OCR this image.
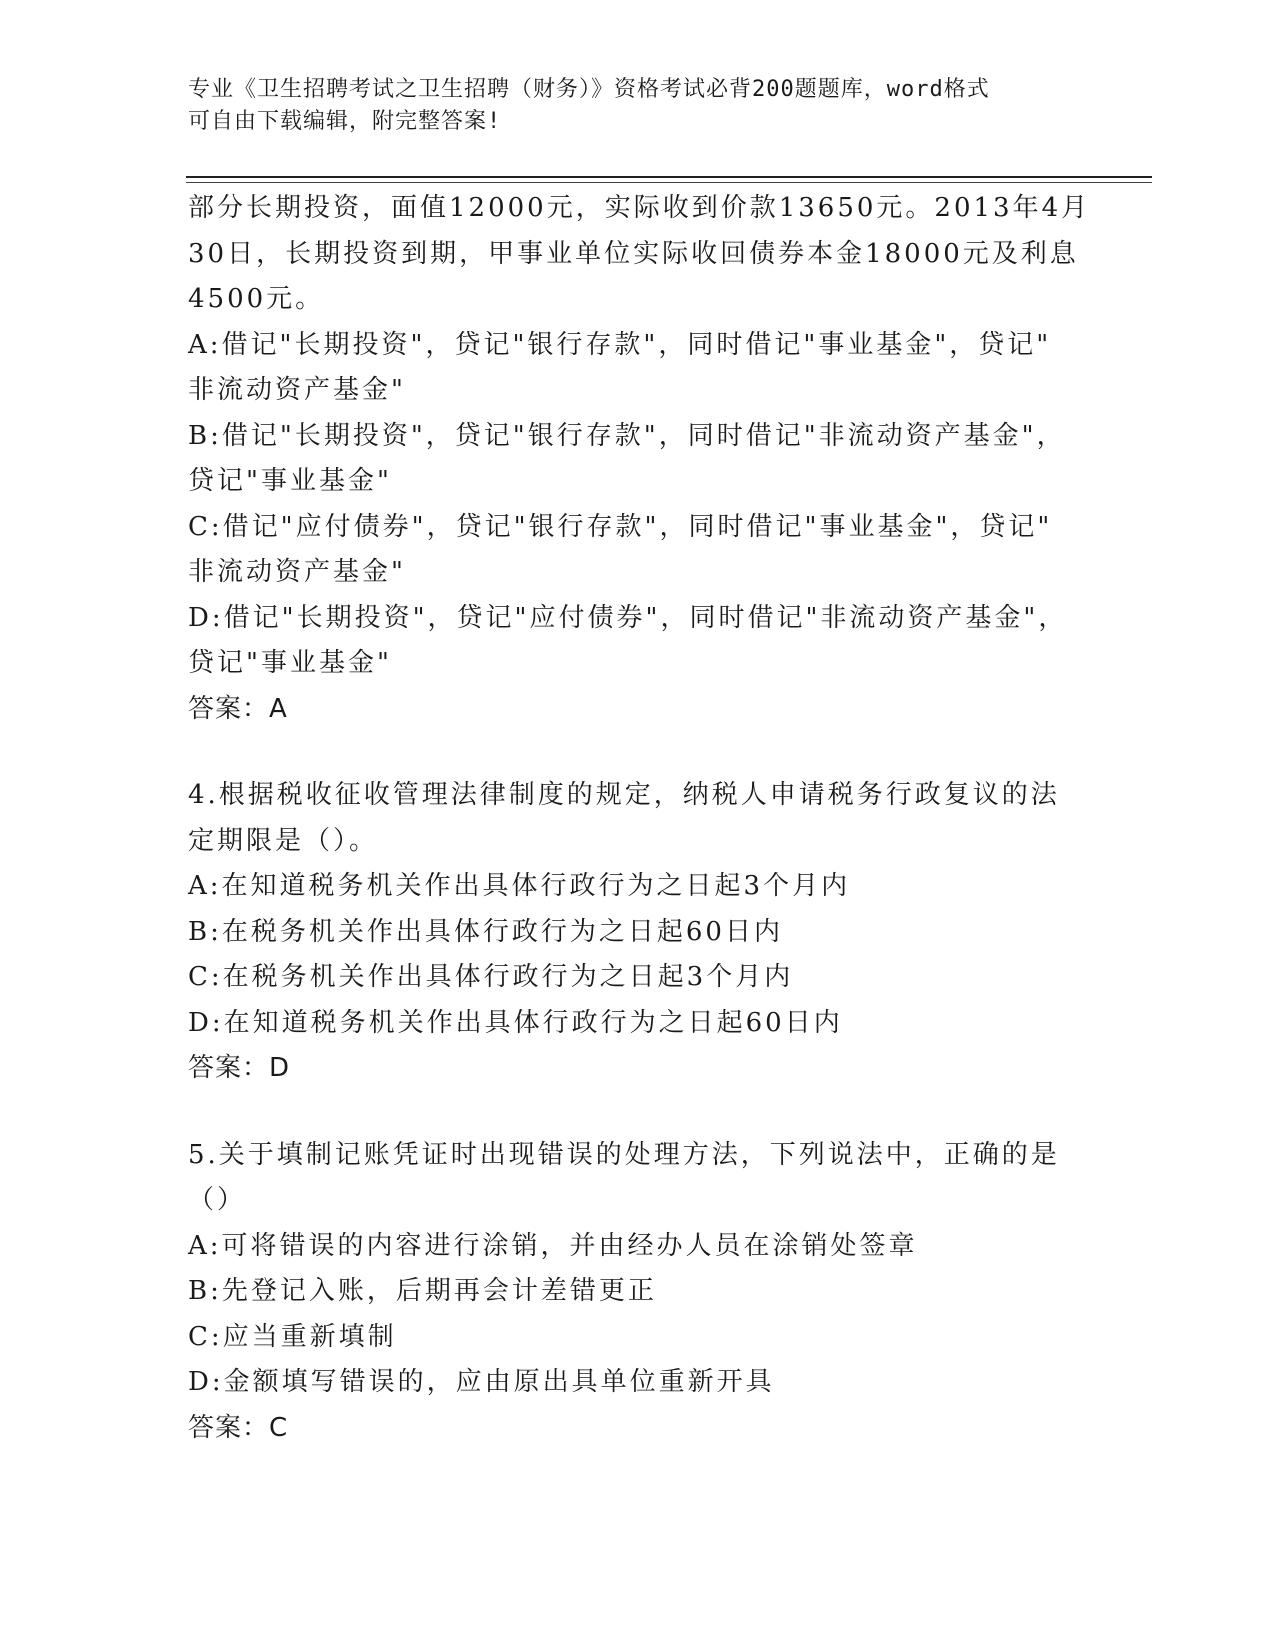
专业《卫生招聘考试之卫生招聘（财务）》资格考试必背200题题库，word格式
可自由下载编辑，附完整答案!
部分长期投资，面值12000元，实际收到价款13650元。2013年4月
30日，长期投资到期，甲事业单位实际收回债券本金18000元及利息
4500元。
A:借记"长期投资"，贷记"银行存款"，同时借记"事业基金"，贷记"
非流动资产基金"
B:借记"长期投资"，贷记"银行存款"，同时借记"非流动资产基金"，
贷记"事业基金"
C:借记"应付债券"，贷记"银行存款"，同时借记"事业基金"，贷记"
非流动资产基金"
D:借记"长期投资"，贷记"应付债券"，同时借记"非流动资产基金"，
贷记"事业基金"
答案：A
4.根据税收征收管理法律制度的规定，纳税人申请税务行政复议的法
定期限是（）。
A:在知道税务机关作出具体行政行为之日起3个月内
B:在税务机关作出具体行政行为之日起60日内
C:在税务机关作出具体行政行为之日起3个月内
D:在知道税务机关作出具体行政行为之日起60日内
答案：D
5.关于填制记账凭证时出现错误的处理方法，下列说法中，正确的是
（）
A:可将错误的内容进行涂销，并由经办人员在涂销处签章
B:先登记入账，后期再会计差错更正
C:应当重新填制
D:金额填写错误的，应由原出具单位重新开具
答案：C
